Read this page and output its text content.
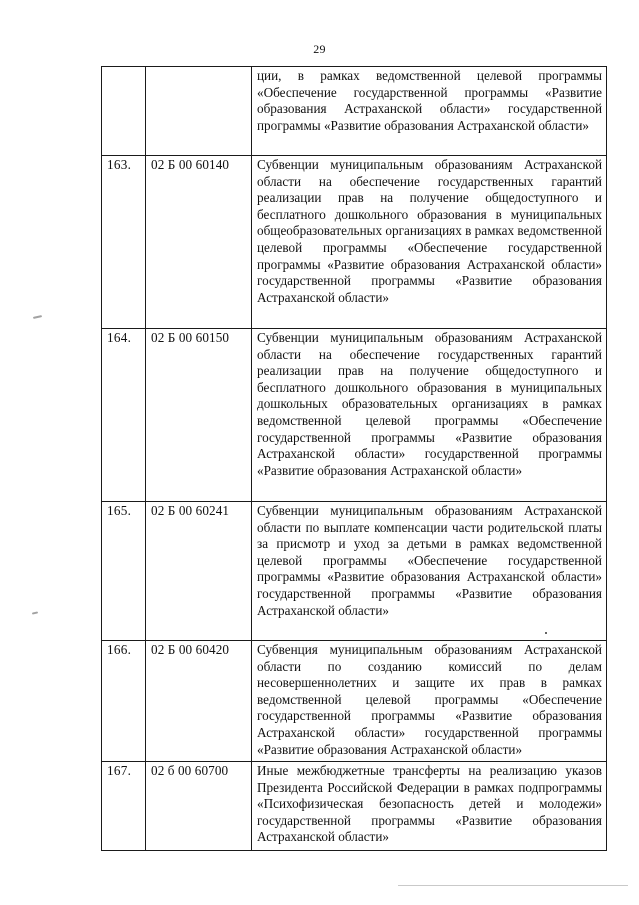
29
		ции, в рамках ведомственной целевой программы «Обеспечение государственной программы «Развитие образования Астраханской области» государственной программы «Развитие образования Астраханской области»
163.	02 Б 00 60140	Субвенции муниципальным образованиям Астраханской области на обеспечение государственных гарантий реализации прав на получение общедоступного и бесплатного дошкольного образования в муниципальных общеобразовательных организациях в рамках ведомственной целевой программы «Обеспечение государственной программы «Развитие образования Астраханской области» государственной программы «Развитие образования Астраханской области»
164.	02 Б 00 60150	Субвенции муниципальным образованиям Астраханской области на обеспечение государственных гарантий реализации прав на получение общедоступного и бесплатного дошкольного образования в муниципальных дошкольных образовательных организациях в рамках ведомственной целевой программы «Обеспечение государственной программы «Развитие образования Астраханской области» государственной программы «Развитие образования Астраханской области»
165.	02 Б 00 60241	Субвенции муниципальным образованиям Астраханской области по выплате компенсации части родительской платы за присмотр и уход за детьми в рамках ведомственной целевой программы «Обеспечение государственной программы «Развитие образования Астраханской области» государственной программы «Развитие образования Астраханской области»
166.	02 Б 00 60420	Субвенция муниципальным образованиям Астраханской области по созданию комиссий по делам несовершеннолетних и защите их прав в рамках ведомственной целевой программы «Обеспечение государственной программы «Развитие образования Астраханской области» государственной программы «Развитие образования Астраханской области»
167.	02 б 00 60700	Иные межбюджетные трансферты на реализацию указов Президента Российской Федерации в рамках подпрограммы «Психофизическая безопасность детей и молодежи» государственной программы «Развитие образования Астраханской области»
